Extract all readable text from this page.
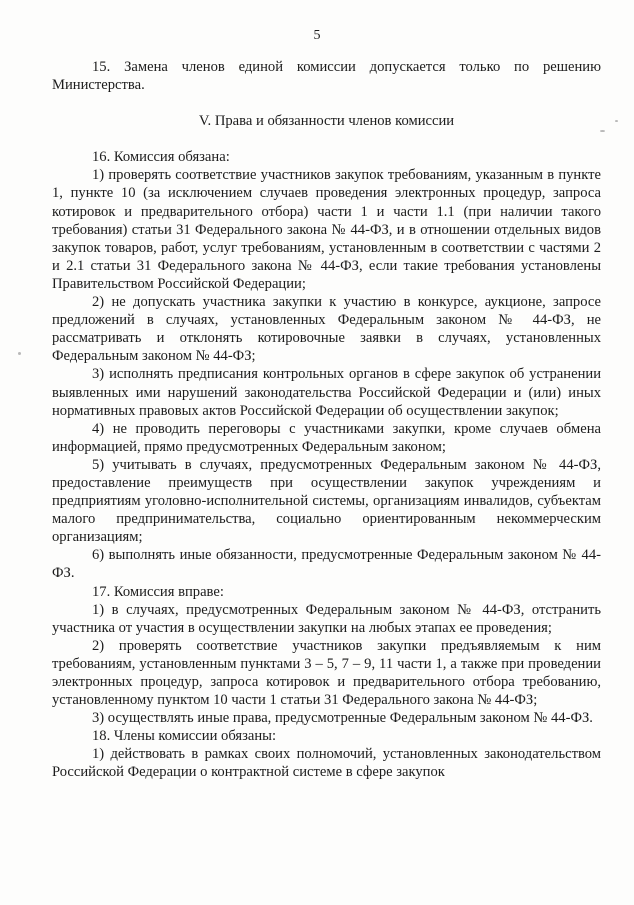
5

15. Замена членов единой комиссии допускается только по решению Министерства.

V. Права и обязанности членов комиссии

16. Комиссия обязана:

1) проверять соответствие участников закупок требованиям, указанным в пункте 1, пункте 10 (за исключением случаев проведения электронных процедур, запроса котировок и предварительного отбора) части 1 и части 1.1 (при наличии такого требования) статьи 31 Федерального закона № 44-ФЗ, и в отношении отдельных видов закупок товаров, работ, услуг требованиям, установленным в соответствии с частями 2 и 2.1 статьи 31 Федерального закона № 44-ФЗ, если такие требования установлены Правительством Российской Федерации;

2) не допускать участника закупки к участию в конкурсе, аукционе, запросе предложений в случаях, установленных Федеральным законом № 44-ФЗ, не рассматривать и отклонять котировочные заявки в случаях, установленных Федеральным законом № 44-ФЗ;

3) исполнять предписания контрольных органов в сфере закупок об устранении выявленных ими нарушений законодательства Российской Федерации и (или) иных нормативных правовых актов Российской Федерации об осуществлении закупок;

4) не проводить переговоры с участниками закупки, кроме случаев обмена информацией, прямо предусмотренных Федеральным законом;

5) учитывать в случаях, предусмотренных Федеральным законом № 44-ФЗ, предоставление преимуществ при осуществлении закупок учреждениям и предприятиям уголовно-исполнительной системы, организациям инвалидов, субъектам малого предпринимательства, социально ориентированным некоммерческим организациям;

6) выполнять иные обязанности, предусмотренные Федеральным законом № 44-ФЗ.

17. Комиссия вправе:

1) в случаях, предусмотренных Федеральным законом № 44-ФЗ, отстранить участника от участия в осуществлении закупки на любых этапах ее проведения;

2) проверять соответствие участников закупки предъявляемым к ним требованиям, установленным пунктами 3 – 5, 7 – 9, 11 части 1, а также при проведении электронных процедур, запроса котировок и предварительного отбора требованию, установленному пунктом 10 части 1 статьи 31 Федерального закона № 44-ФЗ;

3) осуществлять иные права, предусмотренные Федеральным законом № 44-ФЗ.

18. Члены комиссии обязаны:

1) действовать в рамках своих полномочий, установленных законодательством Российской Федерации о контрактной системе в сфере закупок
